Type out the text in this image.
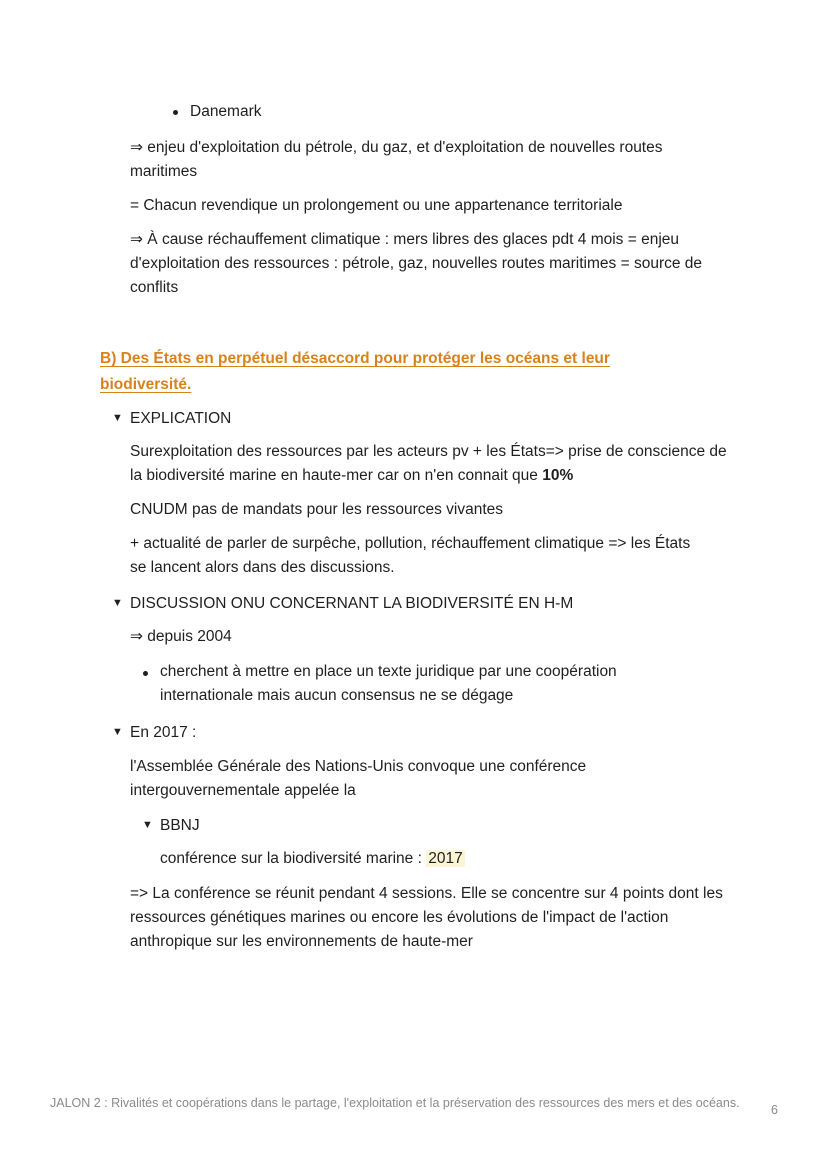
Danemark

⇒ enjeu d'exploitation du pétrole, du gaz, et d'exploitation de nouvelles routes maritimes

= Chacun revendique un prolongement ou une appartenance territoriale

⇒ À cause réchauffement climatique : mers libres des glaces pdt 4 mois = enjeu d'exploitation des ressources : pétrole, gaz, nouvelles routes maritimes = source de conflits

B) Des États en perpétuel désaccord pour protéger les océans et leur biodiversité.

▼ EXPLICATION

Surexploitation des ressources par les acteurs pv + les États=> prise de conscience de la biodiversité marine en haute-mer car on n'en connait que 10%

CNUDM pas de mandats pour les ressources vivantes

+ actualité de parler de surpêche, pollution, réchauffement climatique => les États se lancent alors dans des discussions.

▼ DISCUSSION ONU CONCERNANT LA BIODIVERSITÉ EN H-M

⇒ depuis 2004

cherchent à mettre en place un texte juridique par une coopération internationale mais aucun consensus ne se dégage

▼ En 2017 :

l'Assemblée Générale des Nations-Unis convoque une conférence intergouvernementale appelée la

▼ BBNJ

conférence sur la biodiversité marine : 2017

=> La conférence se réunit pendant 4 sessions. Elle se concentre sur 4 points dont les ressources génétiques marines ou encore les évolutions de l'impact de l'action anthropique sur les environnements de haute-mer

JALON 2 : Rivalités et coopérations dans le partage, l'exploitation et la préservation des ressources des mers et des océans.	6
